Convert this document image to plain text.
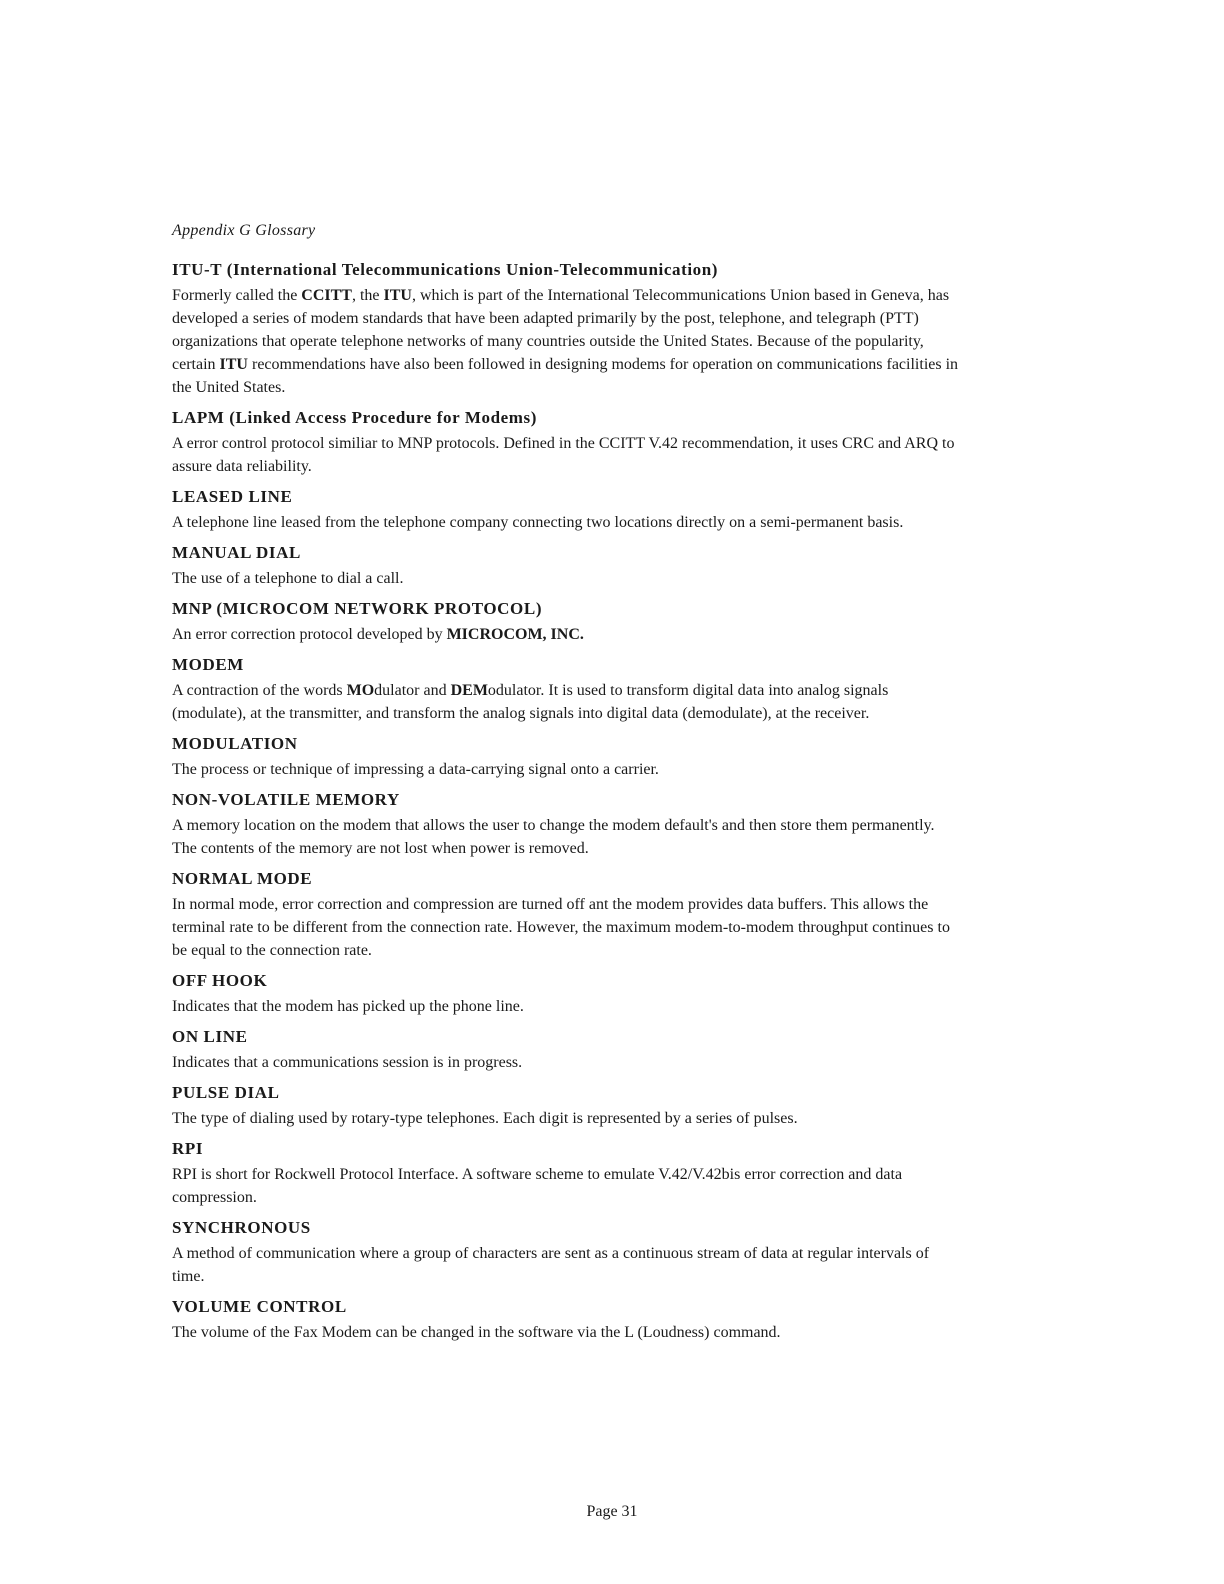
Appendix G Glossary
ITU-T (International Telecommunications Union-Telecommunication)

Formerly called the CCITT, the ITU, which is part of the International Telecommunications Union based in Geneva, has developed a series of modem standards that have been adapted primarily by the post, telephone, and telegraph (PTT) organizations that operate telephone networks of many countries outside the United States. Because of the popularity, certain ITU recommendations have also been followed in designing modems for operation on communications facilities in the United States.

LAPM (Linked Access Procedure for Modems)

A error control protocol similiar to MNP protocols. Defined in the CCITT V.42 recommendation, it uses CRC and ARQ to assure data reliability.

LEASED LINE

A telephone line leased from the telephone company connecting two locations directly on a semi-permanent basis.

MANUAL DIAL

The use of a telephone to dial a call.

MNP (MICROCOM NETWORK PROTOCOL)

An error correction protocol developed by MICROCOM, INC.

MODEM

A contraction of the words MOdulator and DEModulator. It is used to transform digital data into analog signals (modulate), at the transmitter, and transform the analog signals into digital data (demodulate), at the receiver.

MODULATION

The process or technique of impressing a data-carrying signal onto a carrier.

NON-VOLATILE MEMORY

A memory location on the modem that allows the user to change the modem default's and then store them permanently. The contents of the memory are not lost when power is removed.

NORMAL MODE

In normal mode, error correction and compression are turned off ant the modem provides data buffers. This allows the terminal rate to be different from the connection rate. However, the maximum modem-to-modem throughput continues to be equal to the connection rate.

OFF HOOK

Indicates that the modem has picked up the phone line.

ON LINE

Indicates that a communications session is in progress.

PULSE DIAL

The type of dialing used by rotary-type telephones. Each digit is represented by a series of pulses.

RPI

RPI is short for Rockwell Protocol Interface. A software scheme to emulate V.42/V.42bis error correction and data compression.

SYNCHRONOUS

A method of communication where a group of characters are sent as a continuous stream of data at regular intervals of time.

VOLUME CONTROL

The volume of the Fax Modem can be changed in the software via the L (Loudness) command.

Page 31
